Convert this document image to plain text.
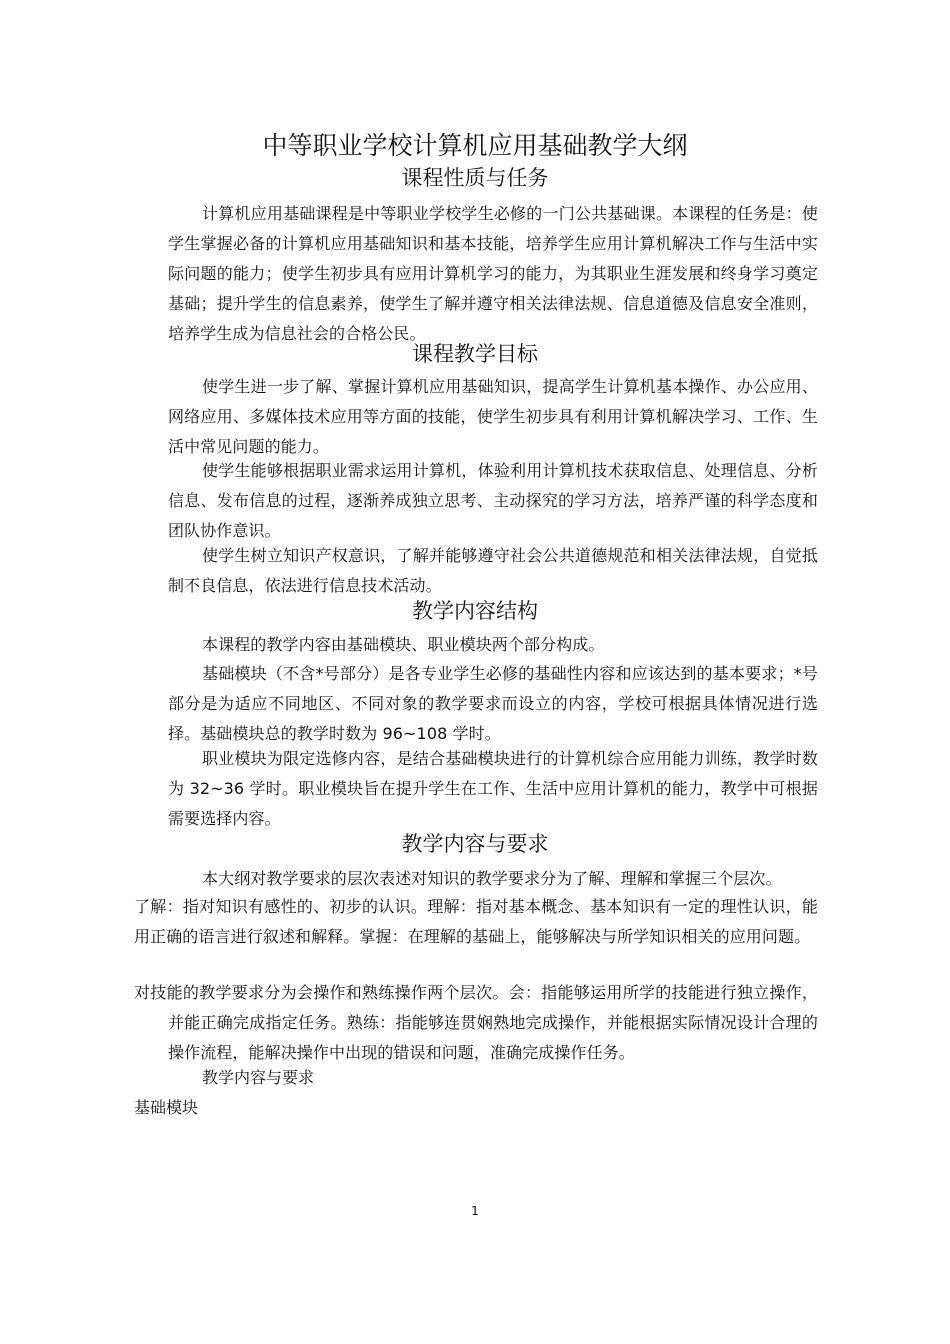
中等职业学校计算机应用基础教学大纲
课程性质与任务

计算机应用基础课程是中等职业学校学生必修的一门公共基础课。本课程的任务是：使学生掌握必备的计算机应用基础知识和基本技能，培养学生应用计算机解决工作与生活中实际问题的能力；使学生初步具有应用计算机学习的能力，为其职业生涯发展和终身学习奠定基础；提升学生的信息素养，使学生了解并遵守相关法律法规、信息道德及信息安全准则，培养学生成为信息社会的合格公民。

课程教学目标

使学生进一步了解、掌握计算机应用基础知识，提高学生计算机基本操作、办公应用、网络应用、多媒体技术应用等方面的技能，使学生初步具有利用计算机解决学习、工作、生活中常见问题的能力。

使学生能够根据职业需求运用计算机，体验利用计算机技术获取信息、处理信息、分析信息、发布信息的过程，逐渐养成独立思考、主动探究的学习方法，培养严谨的科学态度和团队协作意识。

使学生树立知识产权意识，了解并能够遵守社会公共道德规范和相关法律法规，自觉抵制不良信息，依法进行信息技术活动。

教学内容结构

本课程的教学内容由基础模块、职业模块两个部分构成。

基础模块（不含*号部分）是各专业学生必修的基础性内容和应该达到的基本要求；*号部分是为适应不同地区、不同对象的教学要求而设立的内容，学校可根据具体情况进行选择。基础模块总的教学时数为 96~108 学时。

职业模块为限定选修内容，是结合基础模块进行的计算机综合应用能力训练，教学时数为 32~36 学时。职业模块旨在提升学生在工作、生活中应用计算机的能力，教学中可根据需要选择内容。

教学内容与要求

本大纲对教学要求的层次表述对知识的教学要求分为了解、理解和掌握三个层次。

了解：指对知识有感性的、初步的认识。理解：指对基本概念、基本知识有一定的理性认识，能用正确的语言进行叙述和解释。掌握：在理解的基础上，能够解决与所学知识相关的应用问题。

对技能的教学要求分为会操作和熟练操作两个层次。会：指能够运用所学的技能进行独立操作，并能正确完成指定任务。熟练：指能够连贯娴熟地完成操作，并能根据实际情况设计合理的操作流程，能解决操作中出现的错误和问题，准确完成操作任务。

教学内容与要求

基础模块

1
